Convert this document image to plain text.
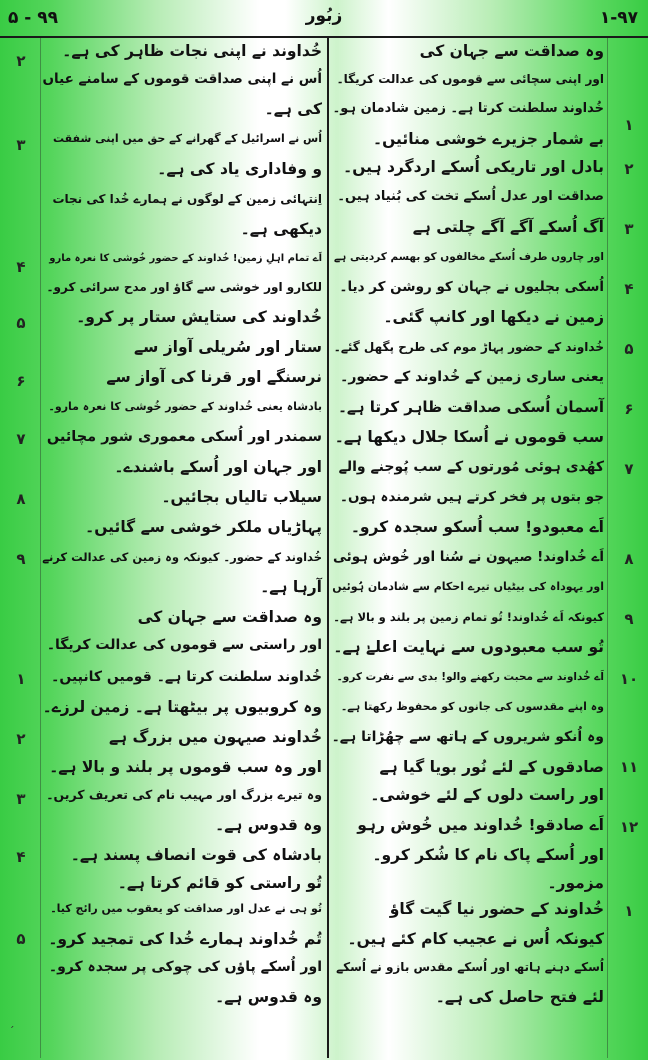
۵ - ۹۹	زبُور	۱-۹۷
وہ صداقت سے جہان کی
اور اپنی سچائی سے قوموں کی عدالت کریگا۔
خُداوند سلطنت کرتا ہے۔ زمین شادمان ہو۔
بے شمار جزیرے خوشی منائیں۔
بادل اور تاریکی اُسکے اردگرد ہیں۔
صداقت اور عدل اُسکے تخت کی بُنیاد ہیں۔
آگ اُسکے آگے آگے چلتی ہے
اور چاروں طرف اُسکے مخالفوں کو بھسم کردیتی ہے
اُسکی بجلیوں نے جہان کو روشن کر دیا۔
زمین نے دیکھا اور کانپ گئی۔
خُداوند کے حضور پہاڑ موم کی طرح پگھل گئے۔
یعنی ساری زمین کے خُداوند کے حضور۔
آسمان اُسکی صداقت ظاہر کرتا ہے۔
سب قوموں نے اُسکا جلال دیکھا ہے۔
کھُدی ہوئی مُورتوں کے سب پُوجنے والے
جو بتوں پر فخر کرتے ہیں شرمندہ ہوں۔
اَے معبودو! سب اُسکو سجدہ کرو۔
اَے خُداوند! صیہون نے سُنا اور خُوش ہوئی
اور یہوداہ کی بیٹیاں تیرے احکام سے شادمان ہُوئیں
کیونکہ اَے خُداوند! تُو تمام زمین پر بلند و بالا ہے۔
تُو سب معبودوں سے نہایت اعلےٰ ہے۔
اَے خُداوند سے محبت رکھنے والو! بدی سے نفرت کرو۔
وہ اپنے مقدسوں کی جانوں کو محفوظ رکھتا ہے۔
وہ اُنکو شریروں کے ہاتھ سے چھُڑاتا ہے۔
صادقوں کے لئے نُور بویا گیا ہے
اور راست دلوں کے لئے خوشی۔
اَے صادقو! خُداوند میں خُوش رہو
اور اُسکے پاک نام کا شُکر کرو۔
مزمور۔
خُداوند کے حضور نیا گیت گاؤ
کیونکہ اُس نے عجیب کام کئے ہیں۔
اُسکے دہنے ہاتھ اور اُسکے مقدس بازو نے اُسکے
لئے فتح حاصل کی ہے۔
۱
۲
۳
۴
۵
۶
۷
۸
۹
۱۰
۱۱
۱۲
۱
خُداوند نے اپنی نجات ظاہر کی ہے۔
اُس نے اپنی صداقت قوموں کے سامنے عیاں
کی ہے۔
اُس نے اسرائیل کے گھرانے کے حق میں اپنی شفقت
و وفاداری یاد کی ہے۔
اِنتہائی زمین کے لوگوں نے ہمارے خُدا کی نجات
دیکھی ہے۔
اَے تمام اہلِ زمین! خُداوند کے حضور خُوشی کا نعرہ مارو
للکارو اور خوشی سے گاؤ اور مدح سرائی کرو۔
خُداوند کی ستایش ستار پر کرو۔
ستار اور سُریلی آواز سے
نرسنگے اور قرنا کی آواز سے
بادشاہ یعنی خُداوند کے حضور خُوشی کا نعرہ مارو۔
سمندر اور اُسکی معموری شور مچائیں
اور جہان اور اُسکے باشندے۔
سیلاب تالیاں بجائیں۔
پہاڑیاں ملکر خوشی سے گائیں۔
خُداوند کے حضور۔ کیونکہ وہ زمین کی عدالت کرنے
آرہا ہے۔
وہ صداقت سے جہان کی
اور راستی سے قوموں کی عدالت کریگا۔
خُداوند سلطنت کرتا ہے۔ قومیں کانپیں۔
وہ کروبیوں پر بیٹھتا ہے۔ زمین لرزے۔
خُداوند صیہون میں بزرگ ہے
اور وہ سب قوموں پر بلند و بالا ہے۔
وہ تیرے بزرگ اور مہیب نام کی تعریف کریں۔
وہ قدوس ہے۔
بادشاہ کی قوت انصاف پسند ہے۔
تُو راستی کو قائم کرتا ہے۔
تُو ہی نے عدل اور صداقت کو یعقوب میں رائج کیا۔
تُم خُداوند ہمارے خُدا کی تمجید کرو۔
اور اُسکے پاؤں کی چوکی پر سجدہ کرو۔
وہ قدوس ہے۔
۲
۳
۴
۵
۶
۷
۸
۹
۱
۲
۳
۴
۵
׳
